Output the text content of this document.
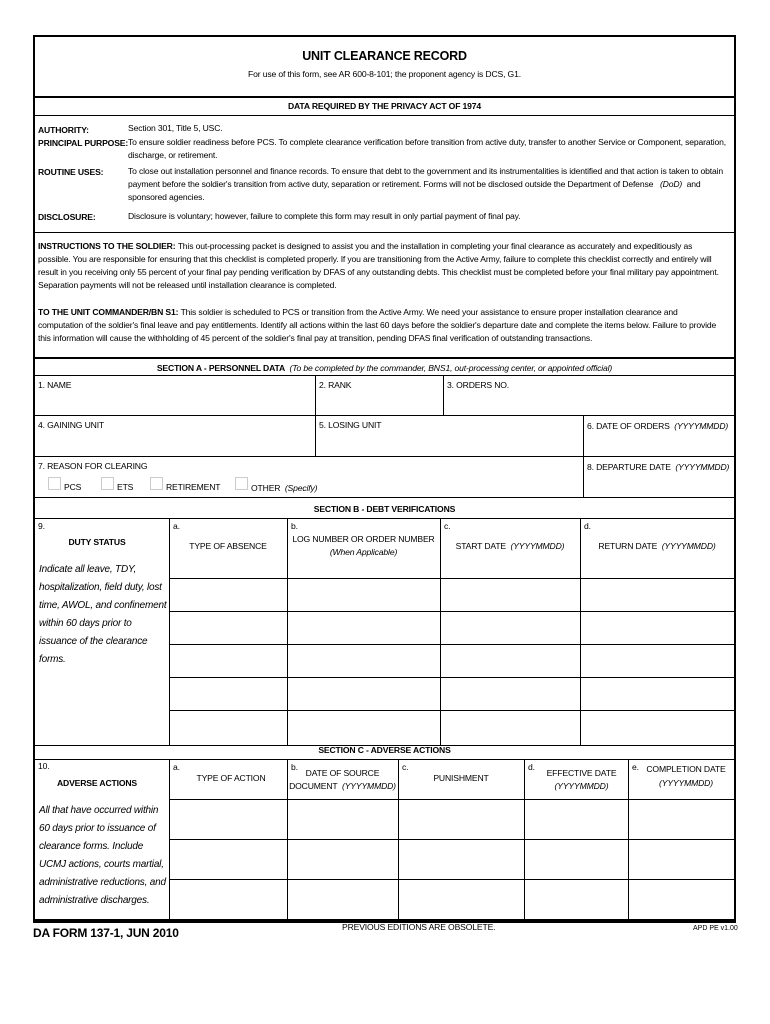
UNIT CLEARANCE RECORD
For use of this form, see AR 600-8-101; the proponent agency is DCS, G1.
DATA REQUIRED BY THE PRIVACY ACT OF 1974
AUTHORITY:	Section 301, Title 5, USC.
PRINCIPAL PURPOSE: To ensure soldier readiness before PCS. To complete clearance verification before transition from active duty, transfer to another Service or Component, separation,
discharge, or retirement.
ROUTINE USES:	To close out installation personnel and finance records. To ensure that debt to the government and its instrumentalities is identified and that action is taken to obtain
payment before the soldier's transition from active duty, separation or retirement. Forms will not be disclosed outside the Department of Defense (DoD) and
sponsored agencies.
DISCLOSURE:	Disclosure is voluntary; however, failure to complete this form may result in only partial payment of final pay.
INSTRUCTIONS TO THE SOLDIER: This out-processing packet is designed to assist you and the installation in completing your final clearance as accurately and expeditiously as
possible. You are responsible for ensuring that this checklist is completed properly. If you are transitioning from the Active Army, failure to complete this checklist correctly and entirely will
result in you receiving only 55 percent of your final pay pending verification by DFAS of any outstanding debts. This checklist must be completed before your final military pay appointment.
Separation payments will not be released until installation clearance is completed.
TO THE UNIT COMMANDER/BN S1: This soldier is scheduled to PCS or transition from the Active Army. We need your assistance to ensure proper installation clearance and
computation of the soldier's final leave and pay entitlements. Identify all actions within the last 60 days before the soldier's departure date and complete the items below. Failure to provide
this information will cause the withholding of 45 percent of the soldier's final pay at transition, pending DFAS final verification of outstanding transactions.
SECTION A - PERSONNEL DATA (To be completed by the commander, BNS1, out-processing center, or appointed official)
1. NAME	2. RANK	3. ORDERS NO.
4. GAINING UNIT	5. LOSING UNIT	6. DATE OF ORDERS (YYYYMMDD)
7. REASON FOR CLEARING
PCS	ETS	RETIREMENT	OTHER (Specify)
8. DEPARTURE DATE (YYYYMMDD)
SECTION B - DEBT VERIFICATIONS
9.
DUTY STATUS
Indicate all leave, TDY,
hospitalization, field duty, lost
time, AWOL, and confinement
within 60 days prior to
issuance of the clearance
forms.
a.
TYPE OF ABSENCE
b.
LOG NUMBER OR ORDER NUMBER
(When Applicable)
c.
START DATE (YYYYMMDD)
d.
RETURN DATE (YYYYMMDD)
SECTION C - ADVERSE ACTIONS
10.
ADVERSE ACTIONS
All that have occurred within
60 days prior to issuance of
clearance forms. Include
UCMJ actions, courts martial,
administrative reductions, and
administrative discharges.
a.
TYPE OF ACTION
b.
DATE OF SOURCE
DOCUMENT (YYYYMMDD)
c.
PUNISHMENT
d.
EFFECTIVE DATE
(YYYYMMDD)
e. COMPLETION DATE
(YYYYMMDD)
DA FORM 137-1, JUN 2010	PREVIOUS EDITIONS ARE OBSOLETE.	APD PE v1.00
